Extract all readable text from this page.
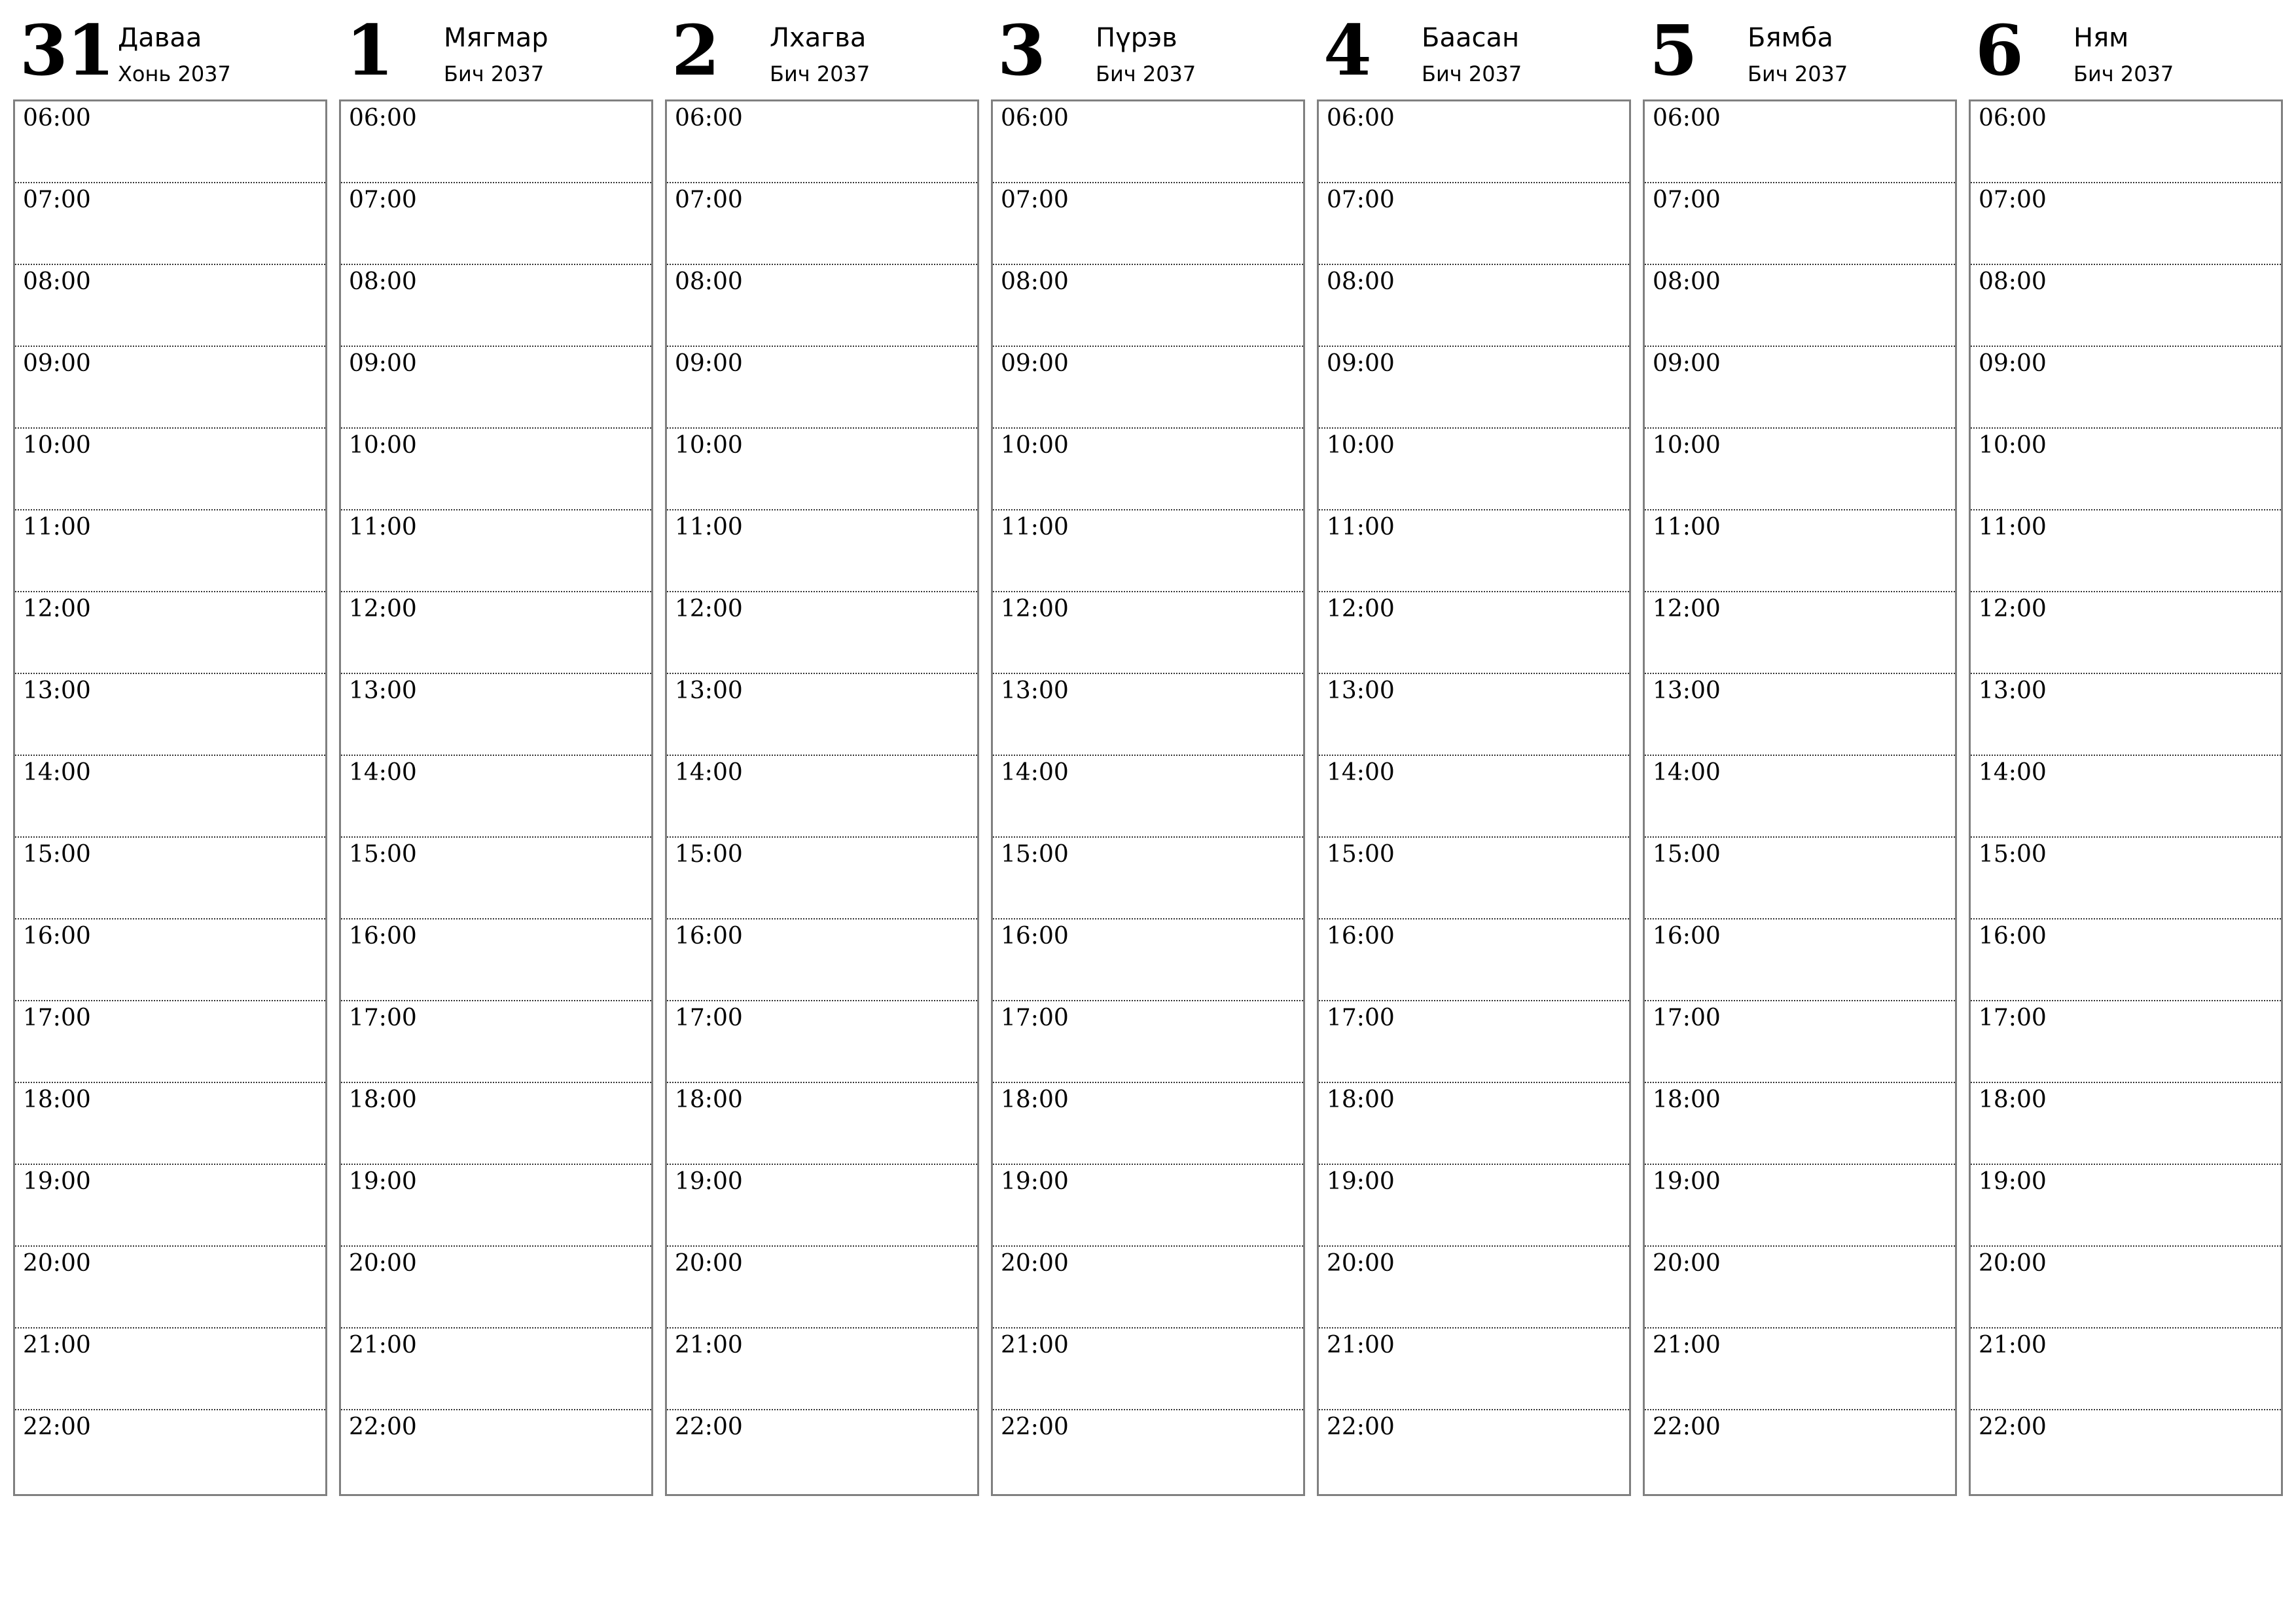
31 Даваа
Хонь 2037
06:00
07:00
08:00
09:00
10:00
11:00
12:00
13:00
14:00
15:00
16:00
17:00
18:00
19:00
20:00
21:00
22:00
1 Мягмар
Бич 2037
06:00
07:00
08:00
09:00
10:00
11:00
12:00
13:00
14:00
15:00
16:00
17:00
18:00
19:00
20:00
21:00
22:00
2 Лхагва
Бич 2037
06:00
07:00
08:00
09:00
10:00
11:00
12:00
13:00
14:00
15:00
16:00
17:00
18:00
19:00
20:00
21:00
22:00
3 Пүрэв
Бич 2037
06:00
07:00
08:00
09:00
10:00
11:00
12:00
13:00
14:00
15:00
16:00
17:00
18:00
19:00
20:00
21:00
22:00
4 Баасан
Бич 2037
06:00
07:00
08:00
09:00
10:00
11:00
12:00
13:00
14:00
15:00
16:00
17:00
18:00
19:00
20:00
21:00
22:00
5 Бямба
Бич 2037
06:00
07:00
08:00
09:00
10:00
11:00
12:00
13:00
14:00
15:00
16:00
17:00
18:00
19:00
20:00
21:00
22:00
6 Ням
Бич 2037
06:00
07:00
08:00
09:00
10:00
11:00
12:00
13:00
14:00
15:00
16:00
17:00
18:00
19:00
20:00
21:00
22:00
